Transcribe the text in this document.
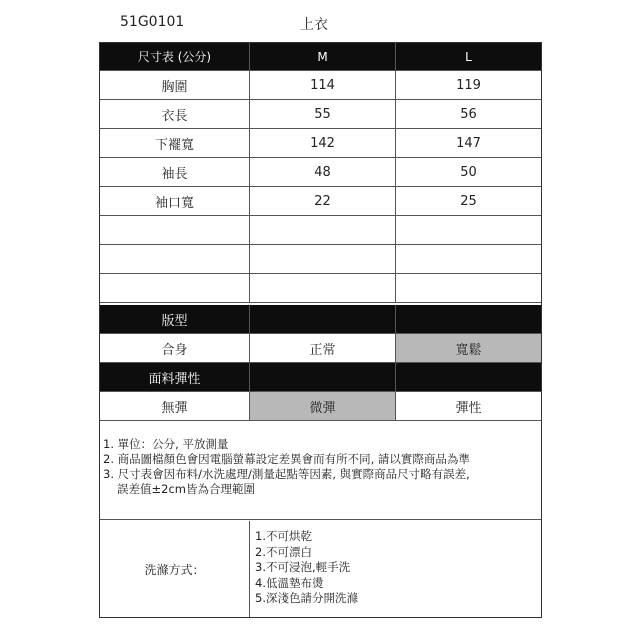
51G0101	上衣
尺寸表 (公分)	M	L
胸圍	114	119
衣長	55	56
下襬寬	142	147
袖長	48	50
袖口寬	22	25
版型
合身	正常	寬鬆
面料彈性
無彈	微彈	彈性
1. 單位：公分, 平放測量
2. 商品圖檔顏色會因電腦螢幕設定差異會而有所不同, 請以實際商品為準
3. 尺寸表會因布料/水洗處理/測量起點等因素, 與實際商品尺寸略有誤差,
誤差值±2cm皆為合理範圍
洗滌方式：
1.不可烘乾
2.不可漂白
3.不可浸泡,輕手洗
4.低溫墊布燙
5.深淺色請分開洗滌
